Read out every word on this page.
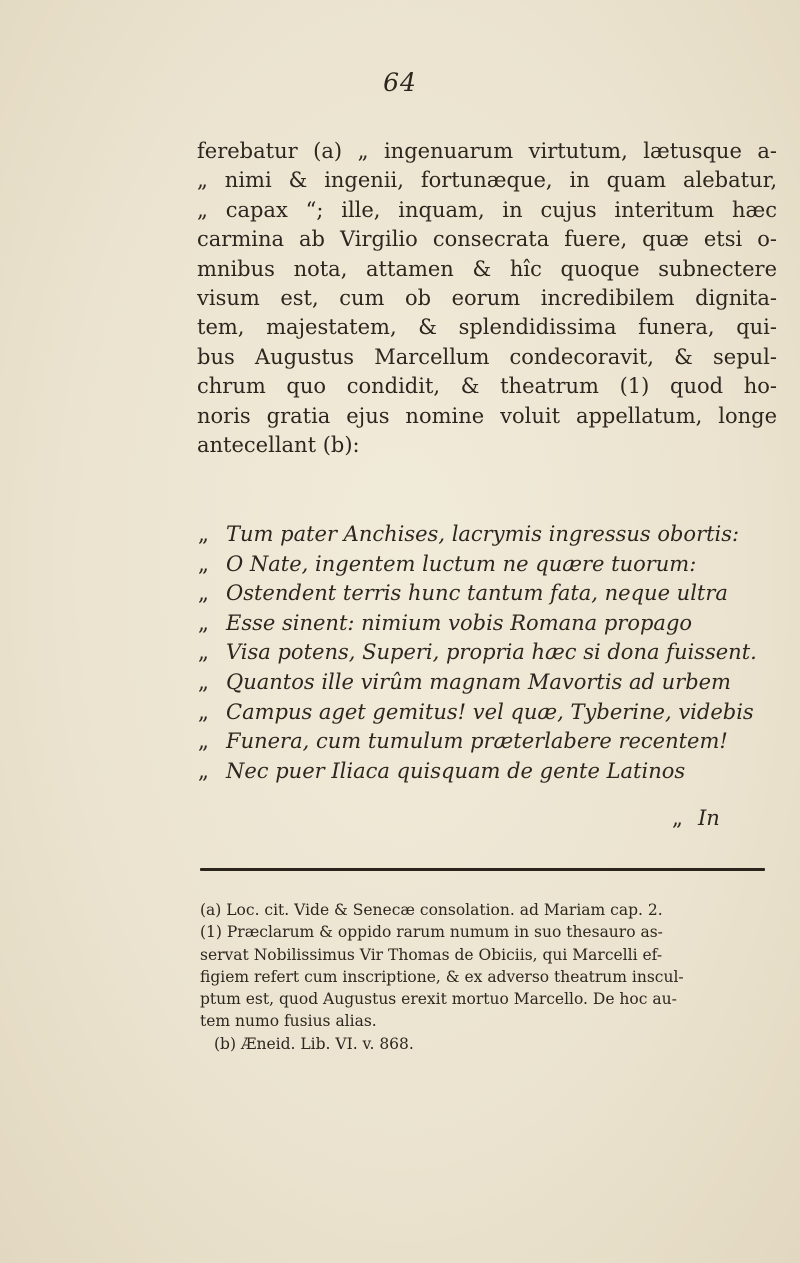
64
ferebatur (a) „ ingenuarum virtutum, lætusque a-
„ nimi & ingenii, fortunæque, in quam alebatur,
„ capax “; ille, inquam, in cujus interitum hæc
carmina ab Virgilio consecrata fuere, quæ etsi o-
mnibus nota, attamen & hîc quoque subnectere
visum est, cum ob eorum incredibilem dignita-
tem, majestatem, & splendidissima funera, qui-
bus Augustus Marcellum condecoravit, & sepul-
chrum quo condidit, & theatrum (1) quod ho-
noris gratia ejus nomine voluit appellatum, longe
antecellant (b):
„ Tum pater Anchises, lacrymis ingressus obortis:
„ O Nate, ingentem luctum ne quære tuorum:
„ Ostendent terris hunc tantum fata, neque ultra
„ Esse sinent: nimium vobis Romana propago
„ Visa potens, Superi, propria hæc si dona fuissent.
„ Quantos ille virûm magnam Mavortis ad urbem
„ Campus aget gemitus! vel quæ, Tyberine, videbis
„ Funera, cum tumulum præterlabere recentem!
„ Nec puer Iliaca quisquam de gente Latinos
„ In
(a) Loc. cit. Vide & Senecæ consolation. ad Mariam cap. 2.
(1) Præclarum & oppido rarum numum in suo thesauro as-
servat Nobilissimus Vir Thomas de Obiciis, qui Marcelli ef-
figiem refert cum inscriptione, & ex adverso theatrum inscul-
ptum est, quod Augustus erexit mortuo Marcello. De hoc au-
tem numo fusius alias.
(b) Æneid. Lib. VI. v. 868.
